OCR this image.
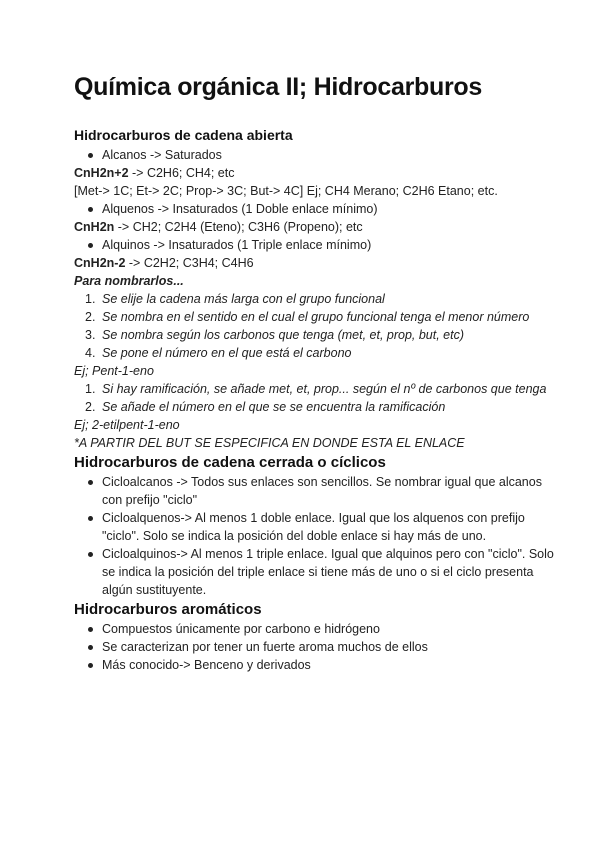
Química orgánica II; Hidrocarburos
Hidrocarburos de cadena abierta
Alcanos -> Saturados

CnH2n+2 -> C2H6; CH4; etc

[Met-> 1C; Et-> 2C; Prop-> 3C; But-> 4C] Ej; CH4 Merano; C2H6 Etano; etc.

Alquenos -> Insaturados (1 Doble enlace mínimo)

CnH2n -> CH2; C2H4 (Eteno); C3H6 (Propeno); etc

Alquinos -> Insaturados (1 Triple enlace mínimo)

CnH2n-2 -> C2H2; C3H4; C4H6

Para nombrarlos...

1. Se elije la cadena más larga con el grupo funcional
2. Se nombra en el sentido en el cual el grupo funcional tenga el menor número
3. Se nombra según los carbonos que tenga (met, et, prop, but, etc)
4. Se pone el número en el que está el carbono

Ej; Pent-1-eno

1. Si hay ramificación, se añade met, et, prop... según el nº de carbonos que tenga
2. Se añade el número en el que se se encuentra la ramificación

Ej; 2-etilpent-1-eno

*A PARTIR DEL BUT SE ESPECIFICA EN DONDE ESTA EL ENLACE

Hidrocarburos de cadena cerrada o cíclicos
Cicloalcanos -> Todos sus enlaces son sencillos. Se nombrar igual que alcanos con prefijo "ciclo"
Cicloalquenos-> Al menos 1 doble enlace. Igual que los alquenos con prefijo "ciclo". Solo se indica la posición del doble enlace si hay más de uno.
Cicloalquinos-> Al menos 1 triple enlace. Igual que alquinos pero con "ciclo". Solo se indica la posición del triple enlace si tiene más de uno o si el ciclo presenta algún sustituyente.
Hidrocarburos aromáticos
Compuestos únicamente por carbono e hidrógeno
Se caracterizan por tener un fuerte aroma muchos de ellos
Más conocido-> Benceno y derivados
